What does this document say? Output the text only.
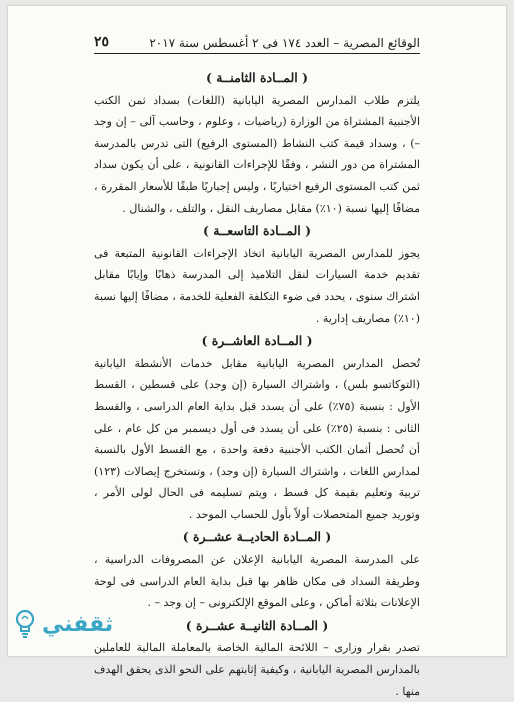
٢٥	الوقائع المصرية – العدد ١٧٤ فى ٢ أغسطس سنة ٢٠١٧
( المــادة الثامنــة )

يلتزم طلاب المدارس المصرية اليابانية (اللغات) بسداد ثمن الكتب الأجنبية المشتراة من الوزارة (رياضيات ، وعلوم ، وحاسب آلى – إن وجد –) ، وسداد قيمة كتب النشاط (المستوى الرفيع) التى تدرس بالمدرسة المشتراة من دور النشر ، وفقًا للإجراءات القانونية ، على أن يكون سداد ثمن كتب المستوى الرفيع اختياريًا ، وليس إجباريًا طبقًا للأسعار المقررة ، مضافًا إليها نسبة (١٠٪) مقابل مصاريف النقل ، والتلف ، والشنال .

( المــادة التاسعــة )

يجوز للمدارس المصرية اليابانية اتخاذ الإجراءات القانونية المتبعة فى تقديم خدمة السيارات لنقل التلاميذ إلى المدرسة ذهابًا وإيابًا مقابل اشتراك سنوى ، يحدد فى ضوء التكلفة الفعلية للخدمة ، مضافًا إليها نسبة (١٠٪) مصاريف إدارية .

( المــادة العاشــرة )

تُحصل المدارس المصرية اليابانية مقابل خدمات الأنشطة اليابانية (التوكاتسو بلس) ، واشتراك السيارة (إن وجد) على قسطين ، القسط الأول : بنسبة (٧٥٪) على أن يسدد قبل بداية العام الدراسى ، والقسط الثانى : بنسبة (٢٥٪) على أن يسدد فى أول ديسمبر من كل عام ، على أن تُحصل أثمان الكتب الأجنبية دفعة واحدة ، مع القسط الأول بالنسبة لمدارس اللغات ، واشتراك السيارة (إن وجد) ، وتستخرج إيصالات (١٢٣) تربية وتعليم بقيمة كل قسط ، ويتم تسليمه فى الحال لولى الأمر ، وتوريد جميع المتحصلات أولاً بأول للحساب الموحد .

( المــادة الحاديــة عشــرة )

على المدرسة المصرية اليابانية الإعلان عن المصروفات الدراسية ، وطريقة السداد فى مكان ظاهر بها قبل بداية العام الدراسى فى لوحة الإعلانات بثلاثة أماكن ، وعلى الموقع الإلكترونى – إن وجد – .

( المــادة الثانيــة عشــرة )

تصدر بقرار وزارى – اللائحة المالية الخاصة بالمعاملة المالية للعاملين بالمدارس المصرية اليابانية ، وكيفية إثابتهم على النحو الذى يحقق الهدف منها .

ثقفني
